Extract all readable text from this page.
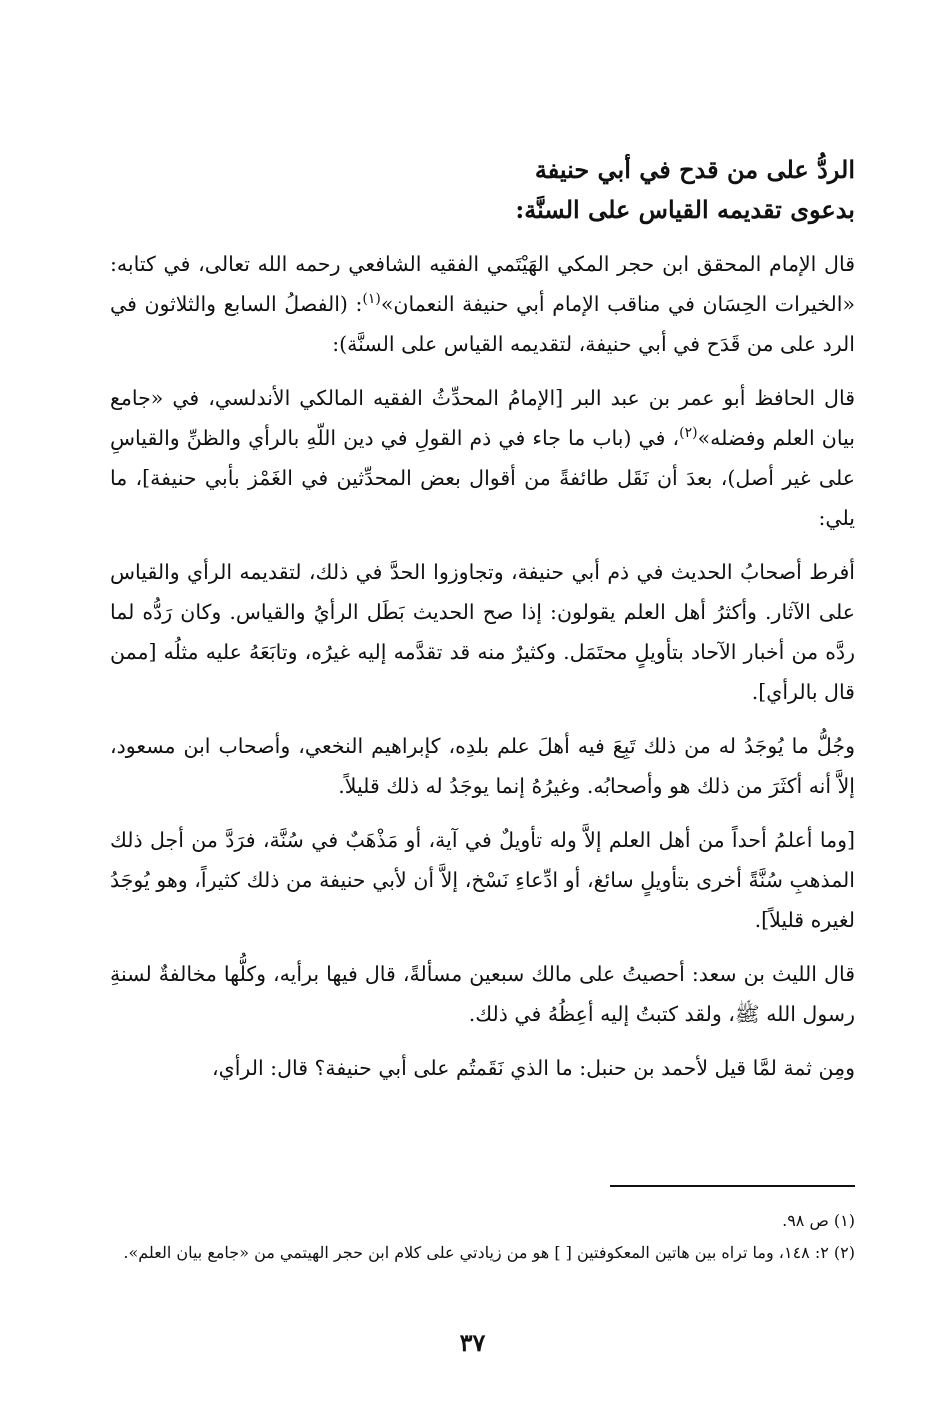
الردُّ على من قدح في أبي حنيفة

بدعوى تقديمه القياس على السنَّة:

قال الإمام المحقق ابن حجر المكي الهَيْتَمي الفقيه الشافعي رحمه الله تعالى، في كتابه: «الخيرات الحِسَان في مناقب الإمام أبي حنيفة النعمان»$^{(١)}$: (الفصلُ السابع والثلاثون في الرد على من قَدَح في أبي حنيفة، لتقديمه القياس على السنَّة):

قال الحافظ أبو عمر بن عبد البر [الإمامُ المحدِّثُ الفقيه المالكي الأندلسي، في «جامع بيان العلم وفضله»$^{(٢)}$، في (باب ما جاء في ذم القولِ في دين اللّهِ بالرأي والظنِّ والقياسِ على غير أصل)، بعدَ أن نَقَل طائفةً من أقوال بعض المحدِّثين في الغَمْز بأبي حنيفة]، ما يلي:

أفرط أصحابُ الحديث في ذم أبي حنيفة، وتجاوزوا الحدَّ في ذلك، لتقديمه الرأي والقياس على الآثار. وأكثرُ أهل العلم يقولون: إذا صح الحديث بَطَل الرأيُ والقياس. وكان رَدُّه لما ردَّه من أخبار الآحاد بتأويلٍ محتَمَل. وكثيرٌ منه قد تقدَّمه إليه غيرُه، وتابَعَهُ عليه مثلُه [ممن قال بالرأي].

وجُلُّ ما يُوجَدُ له من ذلك تَبِعَ فيه أهلَ علم بلدِه، كإبراهيم النخعي، وأصحاب ابن مسعود، إلاَّ أنه أكثَرَ من ذلك هو وأصحابُه. وغيرُهُ إنما يوجَدُ له ذلك قليلاً.

[وما أعلمُ أحداً من أهل العلم إلاَّ وله تأويلٌ في آية، أو مَذْهَبٌ في سُنَّة، فرَدَّ من أجل ذلك المذهبِ سُنَّةً أخرى بتأويلٍ سائغ، أو ادِّعاءِ نَسْخ، إلاَّ أن لأبي حنيفة من ذلك كثيراً، وهو يُوجَدُ لغيره قليلاً].

قال الليث بن سعد: أحصيتُ على مالك سبعين مسألةً، قال فيها برأيه، وكلُّها مخالفةٌ لسنةِ رسول الله ﷺ، ولقد كتبتُ إليه أعِظُهُ في ذلك.

ومِن ثمة لمَّا قيل لأحمد بن حنبل: ما الذي نَقَمتُم على أبي حنيفة؟ قال: الرأي،

(١) ص ٩٨.

(٢) ٢: ١٤٨، وما تراه بين هاتين المعكوفتين [ ] هو من زيادتي على كلام ابن حجر الهيتمي من «جامع بيان العلم».

٣٧
